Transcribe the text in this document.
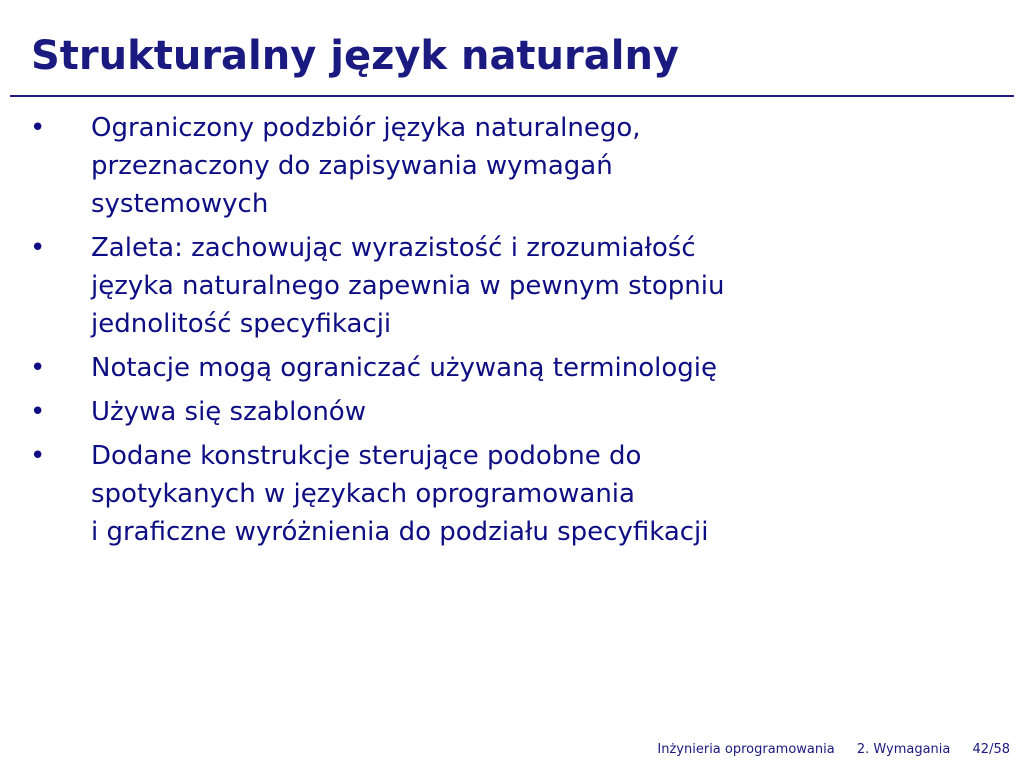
Strukturalny język naturalny
• Ograniczony podzbiór języka naturalnego,
przeznaczony do zapisywania wymagań
systemowych
• Zaleta: zachowując wyrazistość i zrozumiałość
języka naturalnego zapewnia w pewnym stopniu
jednolitość specyfikacji
• Notacje mogą ograniczać używaną terminologię
• Używa się szablonów
• Dodane konstrukcje sterujące podobne do
spotykanych w językach oprogramowania
i graficzne wyróżnienia do podziału specyfikacji
Inżynieria oprogramowania 2. Wymagania 42/58
